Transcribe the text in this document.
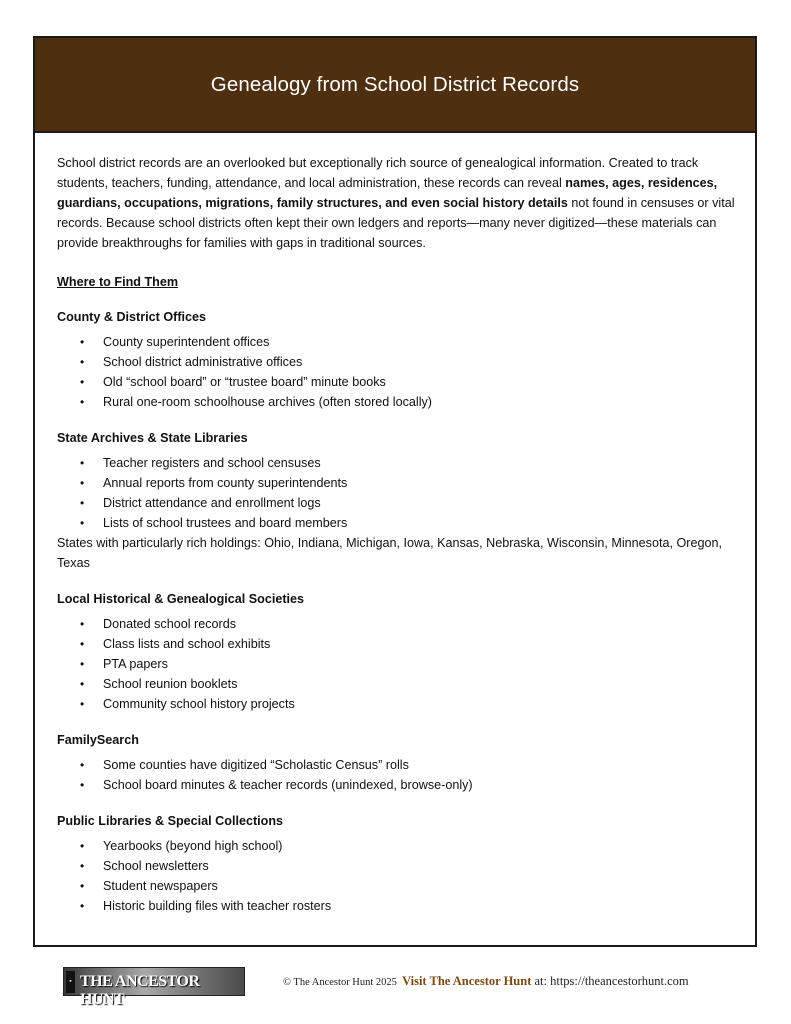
Genealogy from School District Records

School district records are an overlooked but exceptionally rich source of genealogical information. Created to track students, teachers, funding, attendance, and local administration, these records can reveal names, ages, residences, guardians, occupations, migrations, family structures, and even social history details not found in censuses or vital records. Because school districts often kept their own ledgers and reports—many never digitized—these materials can provide breakthroughs for families with gaps in traditional sources.

Where to Find Them
County & District Offices
• County superintendent offices
• School district administrative offices
• Old “school board” or “trustee board” minute books
• Rural one-room schoolhouse archives (often stored locally)
State Archives & State Libraries
• Teacher registers and school censuses
• Annual reports from county superintendents
• District attendance and enrollment logs
• Lists of school trustees and board members

States with particularly rich holdings: Ohio, Indiana, Michigan, Iowa, Kansas, Nebraska, Wisconsin, Minnesota, Oregon, Texas

Local Historical & Genealogical Societies
• Donated school records
• Class lists and school exhibits
• PTA papers
• School reunion booklets
• Community school history projects
FamilySearch
• Some counties have digitized “Scholastic Census” rolls
• School board minutes & teacher records (unindexed, browse-only)
Public Libraries & Special Collections
• Yearbooks (beyond high school)
• School newsletters
• Student newspapers
• Historic building files with teacher rosters
▪ THE ANCESTOR HUNT
© The Ancestor Hunt 2025 Visit The Ancestor Hunt at: https://theancestorhunt.com
